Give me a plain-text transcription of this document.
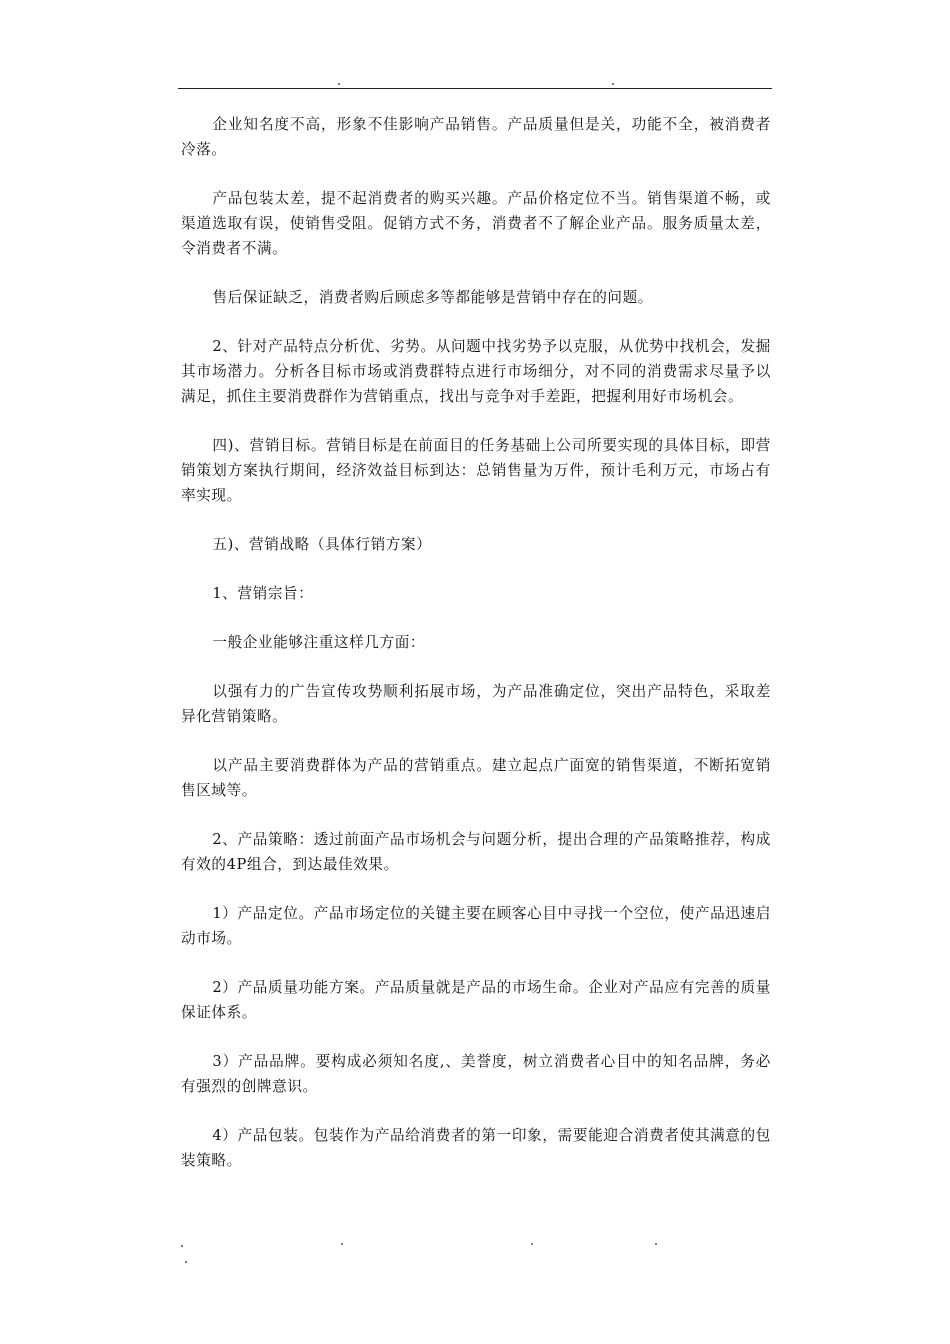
企业知名度不高，形象不佳影响产品销售。产品质量但是关，功能不全，被消费者冷落。

产品包装太差，提不起消费者的购买兴趣。产品价格定位不当。销售渠道不畅，或渠道选取有误，使销售受阻。促销方式不务，消费者不了解企业产品。服务质量太差，令消费者不满。

售后保证缺乏，消费者购后顾虑多等都能够是营销中存在的问题。

2、针对产品特点分析优、劣势。从问题中找劣势予以克服，从优势中找机会，发掘其市场潜力。分析各目标市场或消费群特点进行市场细分，对不同的消费需求尽量予以满足，抓住主要消费群作为营销重点，找出与竞争对手差距，把握利用好市场机会。

四)、营销目标。营销目标是在前面目的任务基础上公司所要实现的具体目标，即营销策划方案执行期间，经济效益目标到达：总销售量为万件，预计毛利万元，市场占有率实现。

五)、营销战略（具体行销方案）

1、营销宗旨：

一般企业能够注重这样几方面：

以强有力的广告宣传攻势顺利拓展市场，为产品准确定位，突出产品特色，采取差异化营销策略。

以产品主要消费群体为产品的营销重点。建立起点广面宽的销售渠道，不断拓宽销售区域等。

2、产品策略：透过前面产品市场机会与问题分析，提出合理的产品策略推荐，构成有效的4P组合，到达最佳效果。

1）产品定位。产品市场定位的关键主要在顾客心目中寻找一个空位，使产品迅速启动市场。

2）产品质量功能方案。产品质量就是产品的市场生命。企业对产品应有完善的质量保证体系。

3）产品品牌。要构成必须知名度,、美誉度，树立消费者心目中的知名品牌，务必有强烈的创牌意识。

4）产品包装。包装作为产品给消费者的第一印象，需要能迎合消费者使其满意的包装策略。
